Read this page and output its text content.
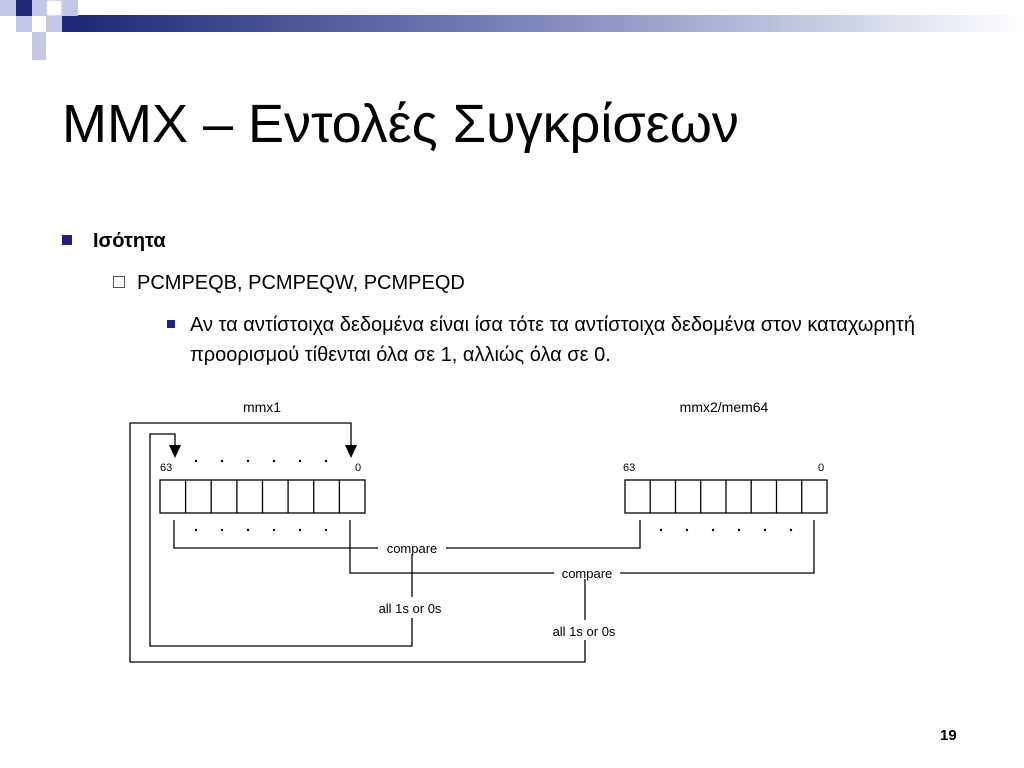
MMX – Εντολές Συγκρίσεων
Ισότητα
PCMPEQB, PCMPEQW, PCMPEQD
Αν τα αντίστοιχα δεδομένα είναι ίσα τότε τα αντίστοιχα δεδομένα στον καταχωρητή προορισμού τίθενται όλα σε 1, αλλιώς όλα σε 0.
mmx1	mmx2/mem64
63	0	63	0
compare
compare
all 1s or 0s
all 1s or 0s
19
